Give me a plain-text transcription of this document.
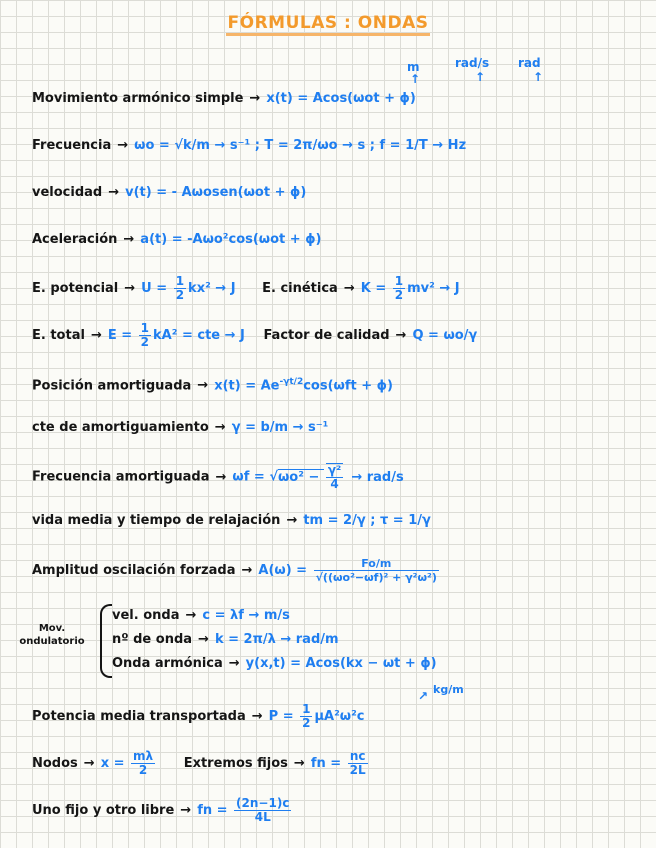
FÓRMULAS : ONDAS
m
↑
rad/s
↑
rad
↑
Movimiento armónico simple → x(t) = Acos(ωot + ϕ)
Frecuencia → ωo = √k/m → s⁻¹ ; T = 2π/ωo → s ; f = 1/T → Hz
velocidad → v(t) = - Aωosen(ωot + ϕ)
Aceleración → a(t) = -Aωo²cos(ωot + ϕ)
E. potencial → $U = \frac{1}{2} kx^2 \to J$ E. cinética → $K = \frac{1}{2} mv^2 \to J$
E. total → $E = \frac{1}{2} kA^2$ = cte → J Factor de calidad → Q = ωo/γ
Posición amortiguada → $x(t) = Ae^{-\gamma t/2}\cos(\omega ft + \phi)$
cte de amortiguamiento → γ = b/m → s⁻¹
Frecuencia amortiguada → $\omega f = √\omega o^2 - \frac{\text{γ²}}{4} \to rad/s$
vida media y tiempo de relajación → tm = 2/γ ; τ = 1/γ
Amplitud oscilación forzada → $A(\omega) = \frac{Fo/m}{\text{√((ωo²−ωf)² + γ²ω²)}}$
Mov. ondulatorio
vel. onda → c = λf → m/s
nº de onda → k = 2π/λ → rad/m
Onda armónica → y(x,t) = Acos(kx − ωt + ϕ)
kg/m
↗
Potencia media transportada → $P = \frac{1}{2} \mu A^2\omega^2c$
Nodos → $x = \frac{m\lambda}{2}$ Extremos fijos → fn = $\frac{nc}{2L}$
Uno fijo y otro libre → fn = $\frac{(2n-1)c}{4L}$
